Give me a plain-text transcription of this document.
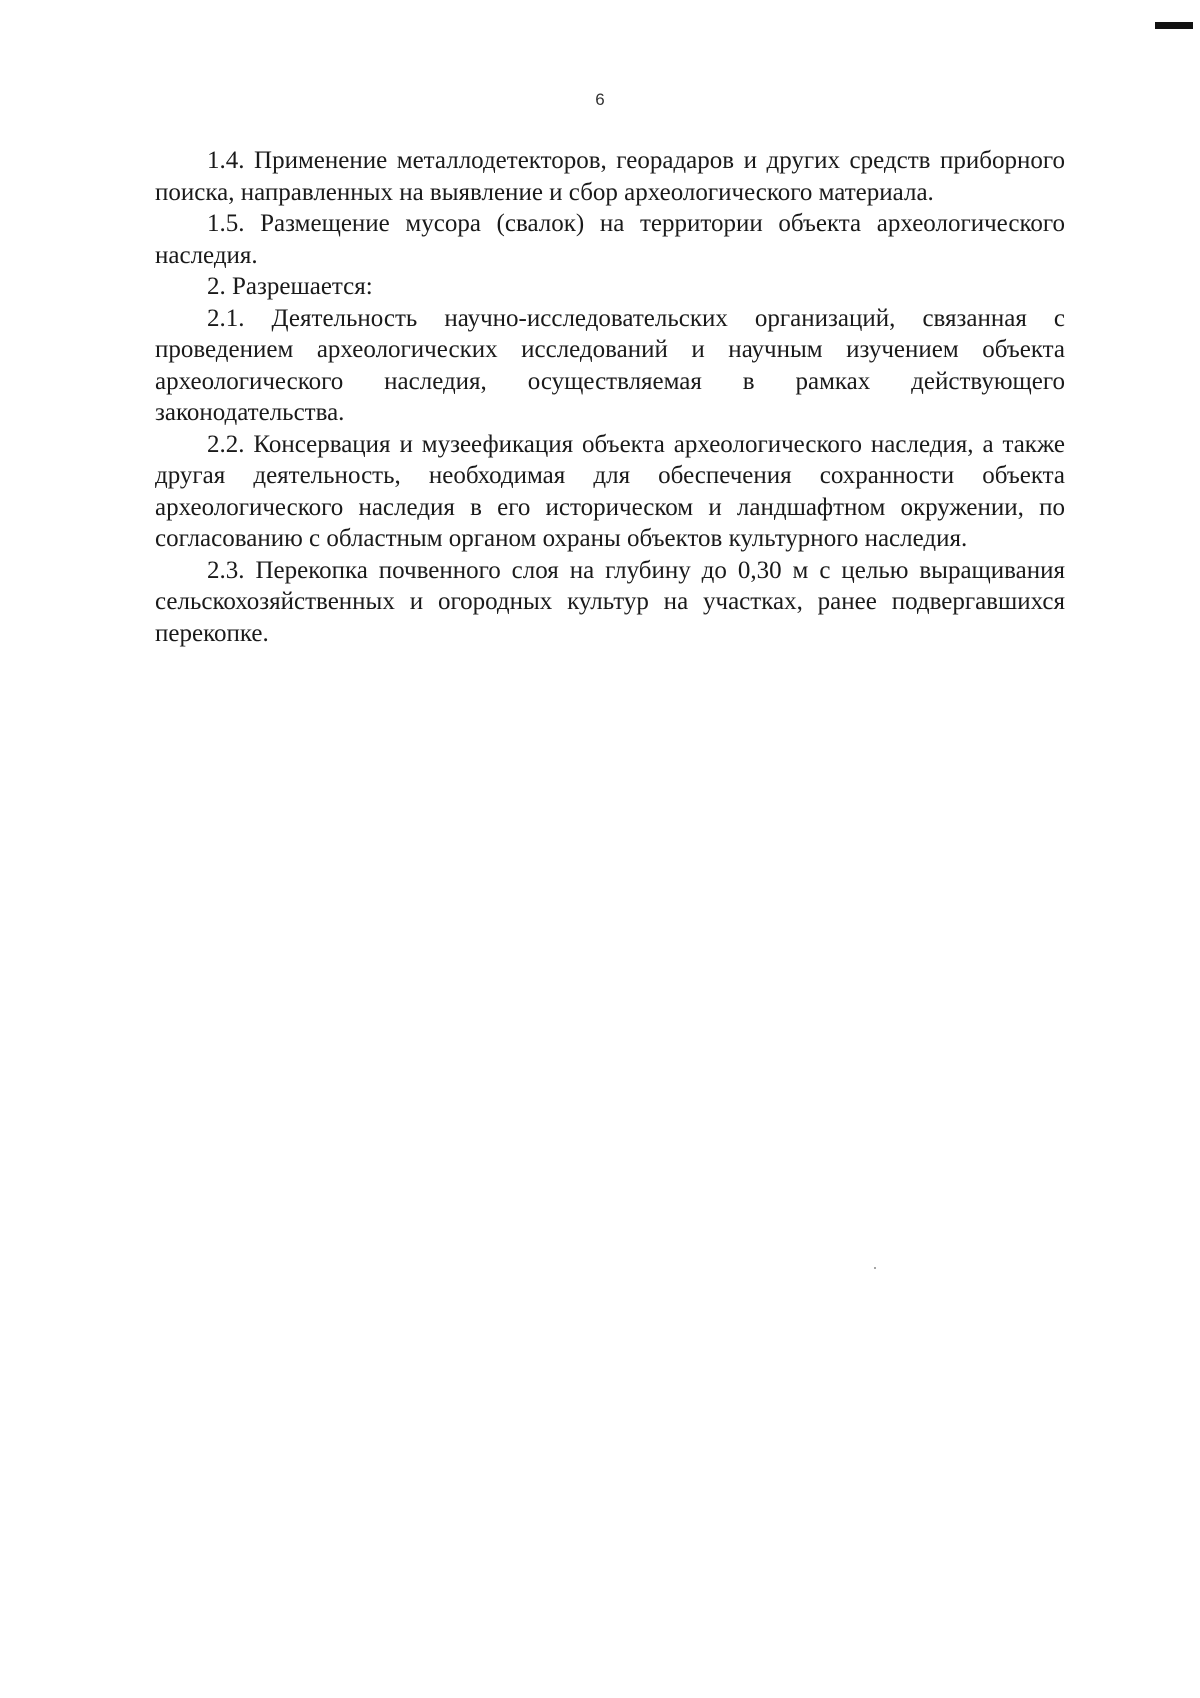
6

1.4. Применение металлодетекторов, георадаров и других средств приборного поиска, направленных на выявление и сбор археологического материала.

1.5. Размещение мусора (свалок) на территории объекта археологического наследия.

2. Разрешается:

2.1. Деятельность научно-исследовательских организаций, связанная с проведением археологических исследований и научным изучением объекта археологического наследия, осуществляемая в рамках действующего законодательства.

2.2. Консервация и музеефикация объекта археологического наследия, а также другая деятельность, необходимая для обеспечения сохранности объекта археологического наследия в его историческом и ландшафтном окружении, по согласованию с областным органом охраны объектов культурного наследия.

2.3. Перекопка почвенного слоя на глубину до 0,30 м с целью выращивания сельскохозяйственных и огородных культур на участках, ранее подвергавшихся перекопке.
